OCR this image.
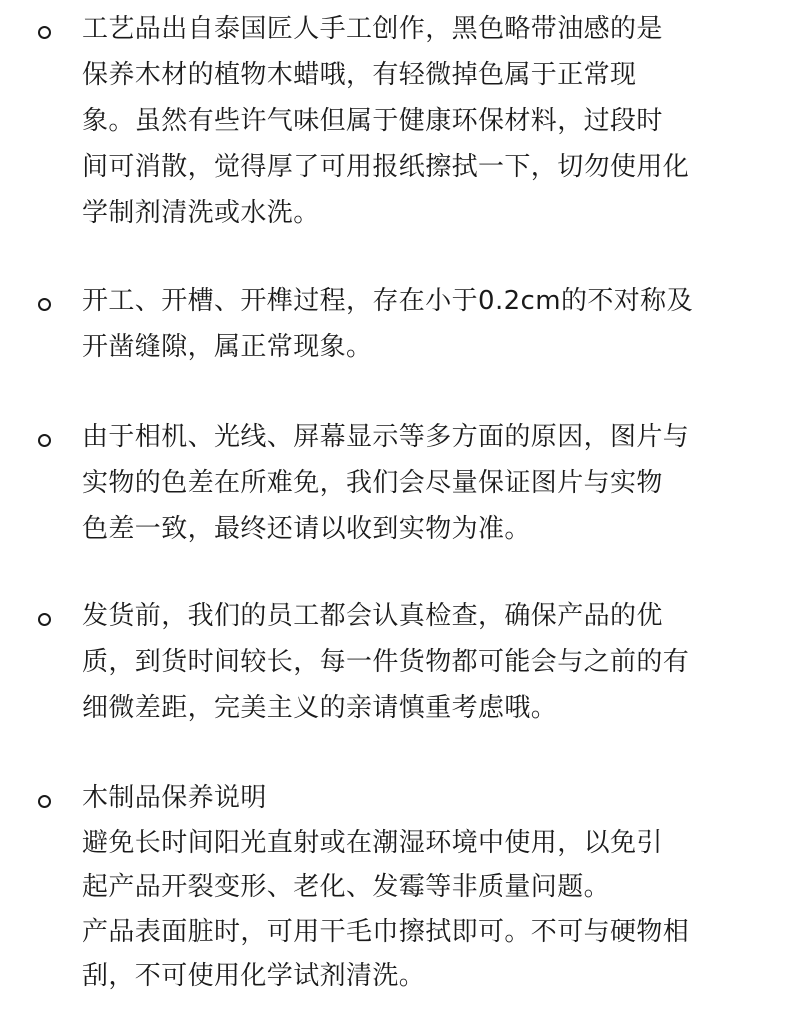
工艺品出自泰国匠人手工创作，黑色略带油感的是
保养木材的植物木蜡哦，有轻微掉色属于正常现
象。虽然有些许气味但属于健康环保材料，过段时
间可消散，觉得厚了可用报纸擦拭一下，切勿使用化
学制剂清洗或水洗。
开工、开槽、开榫过程，存在小于0.2cm的不对称及
开凿缝隙，属正常现象。
由于相机、光线、屏幕显示等多方面的原因，图片与
实物的色差在所难免，我们会尽量保证图片与实物
色差一致，最终还请以收到实物为准。
发货前，我们的员工都会认真检查，确保产品的优
质，到货时间较长，每一件货物都可能会与之前的有
细微差距，完美主义的亲请慎重考虑哦。
木制品保养说明
避免长时间阳光直射或在潮湿环境中使用，以免引
起产品开裂变形、老化、发霉等非质量问题。
产品表面脏时，可用干毛巾擦拭即可。不可与硬物相
刮，不可使用化学试剂清洗。
